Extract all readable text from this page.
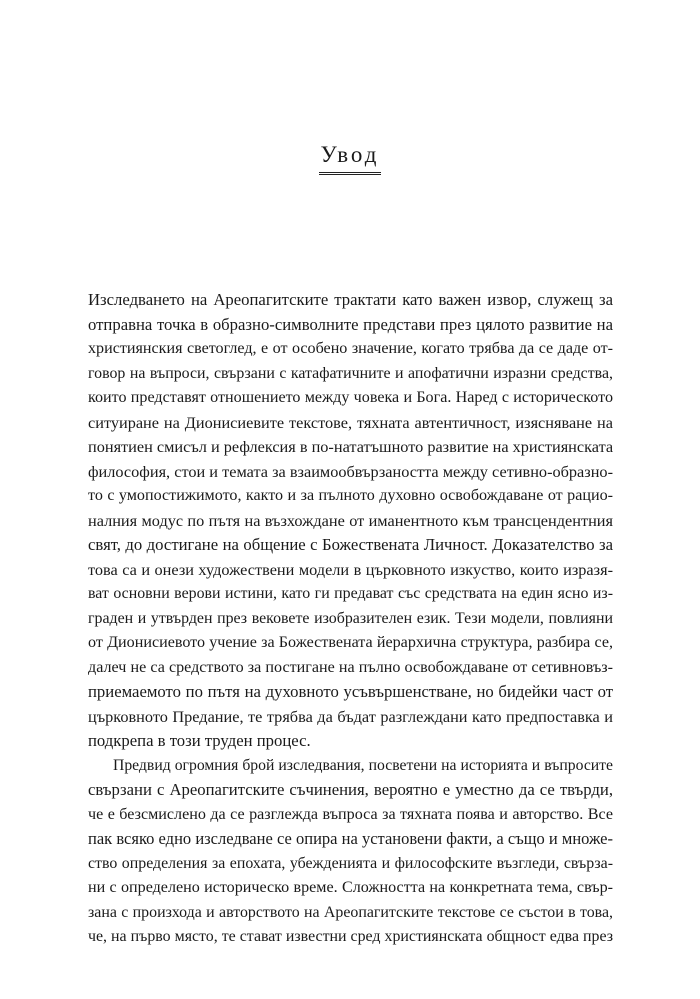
Увод
Изследването на Ареопагитските трактати като важен извор, служещ за
отправна точка в образно-символните представи през цялото развитие на
християнския светоглед, е от особено значение, когато трябва да се даде от-
говор на въпроси, свързани с катафатичните и апофатични изразни средства,
които представят отношението между човека и Бога. Наред с историческото
ситуиране на Дионисиевите текстове, тяхната автентичност, изясняване на
понятиен смисъл и рефлексия в по-нататъшното развитие на християнската
философия, стои и темата за взаимообвързаността между сетивно-образно-
то с умопостижимото, както и за пълното духовно освобождаване от рацио-
налния модус по пътя на възхождане от иманентното към трансцендентния
свят, до достигане на общение с Божествената Личност. Доказателство за
това са и онези художествени модели в църковното изкуство, които изразя-
ват основни верови истини, като ги предават със средствата на един ясно из-
граден и утвърден през вековете изобразителен език. Тези модели, повлияни
от Дионисиевото учение за Божествената йерархична структура, разбира се,
далеч не са средството за постигане на пълно освобождаване от сетивновъз-
приемаемото по пътя на духовното усъвършенстване, но бидейки част от
църковното Предание, те трябва да бъдат разглеждани като предпоставка и
подкрепа в този труден процес.
Предвид огромния брой изследвания, посветени на историята и въпросите
свързани с Ареопагитските съчинения, вероятно е уместно да се твърди,
че е безсмислено да се разглежда въпроса за тяхната поява и авторство. Все
пак всяко едно изследване се опира на установени факти, а също и множе-
ство определения за епохата, убежденията и философските възгледи, свърза-
ни с определено историческо време. Сложността на конкретната тема, свър-
зана с произхода и авторството на Ареопагитските текстове се състои в това,
че, на първо място, те стават известни сред християнската общност едва през
